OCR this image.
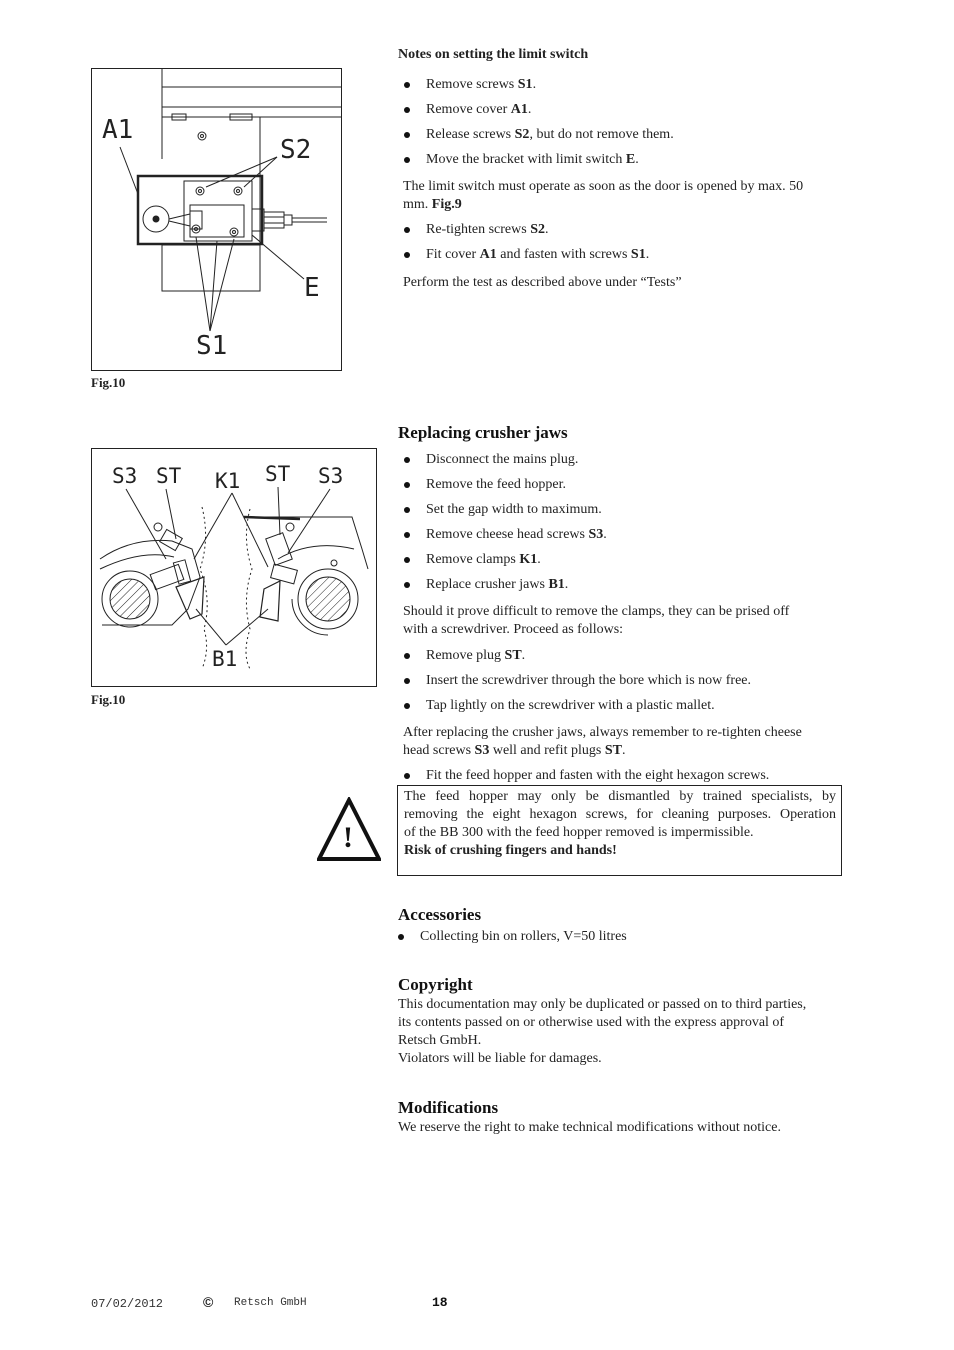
A1
S2
E
S1
Fig.10
Notes on setting the limit switch
Remove screws S1.
Remove cover A1.
Release screws S2, but do not remove them.
Move the bracket with limit switch E.
The limit switch must operate as soon as the door is opened by max. 50
mm. Fig.9
Re-tighten screws S2.
Fit cover A1 and fasten with screws S1.
Perform the test as described above under “Tests”
S3 ST K1 ST S3
B1
Fig.10
Replacing crusher jaws
Disconnect the mains plug.
Remove the feed hopper.
Set the gap width to maximum.
Remove cheese head screws S3.
Remove clamps K1.
Replace crusher jaws B1.
Should it prove difficult to remove the clamps, they can be prised off
with a screwdriver. Proceed as follows:
Remove plug ST.
Insert the screwdriver through the bore which is now free.
Tap lightly on the screwdriver with a plastic mallet.
After replacing the crusher jaws, always remember to re-tighten cheese
head screws S3 well and refit plugs ST.
Fit the feed hopper and fasten with the eight hexagon screws.
!
The feed hopper may only be dismantled by trained specialists, by
removing the eight hexagon screws, for cleaning purposes. Operation
of the BB 300 with the feed hopper removed is impermissible.
Risk of crushing fingers and hands!
Accessories
Collecting bin on rollers, V=50 litres
Copyright
This documentation may only be duplicated or passed on to third parties,
its contents passed on or otherwise used with the express approval of
Retsch GmbH.
Violators will be liable for damages.
Modifications
We reserve the right to make technical modifications without notice.
07/02/2012	© Retsch GmbH	18
